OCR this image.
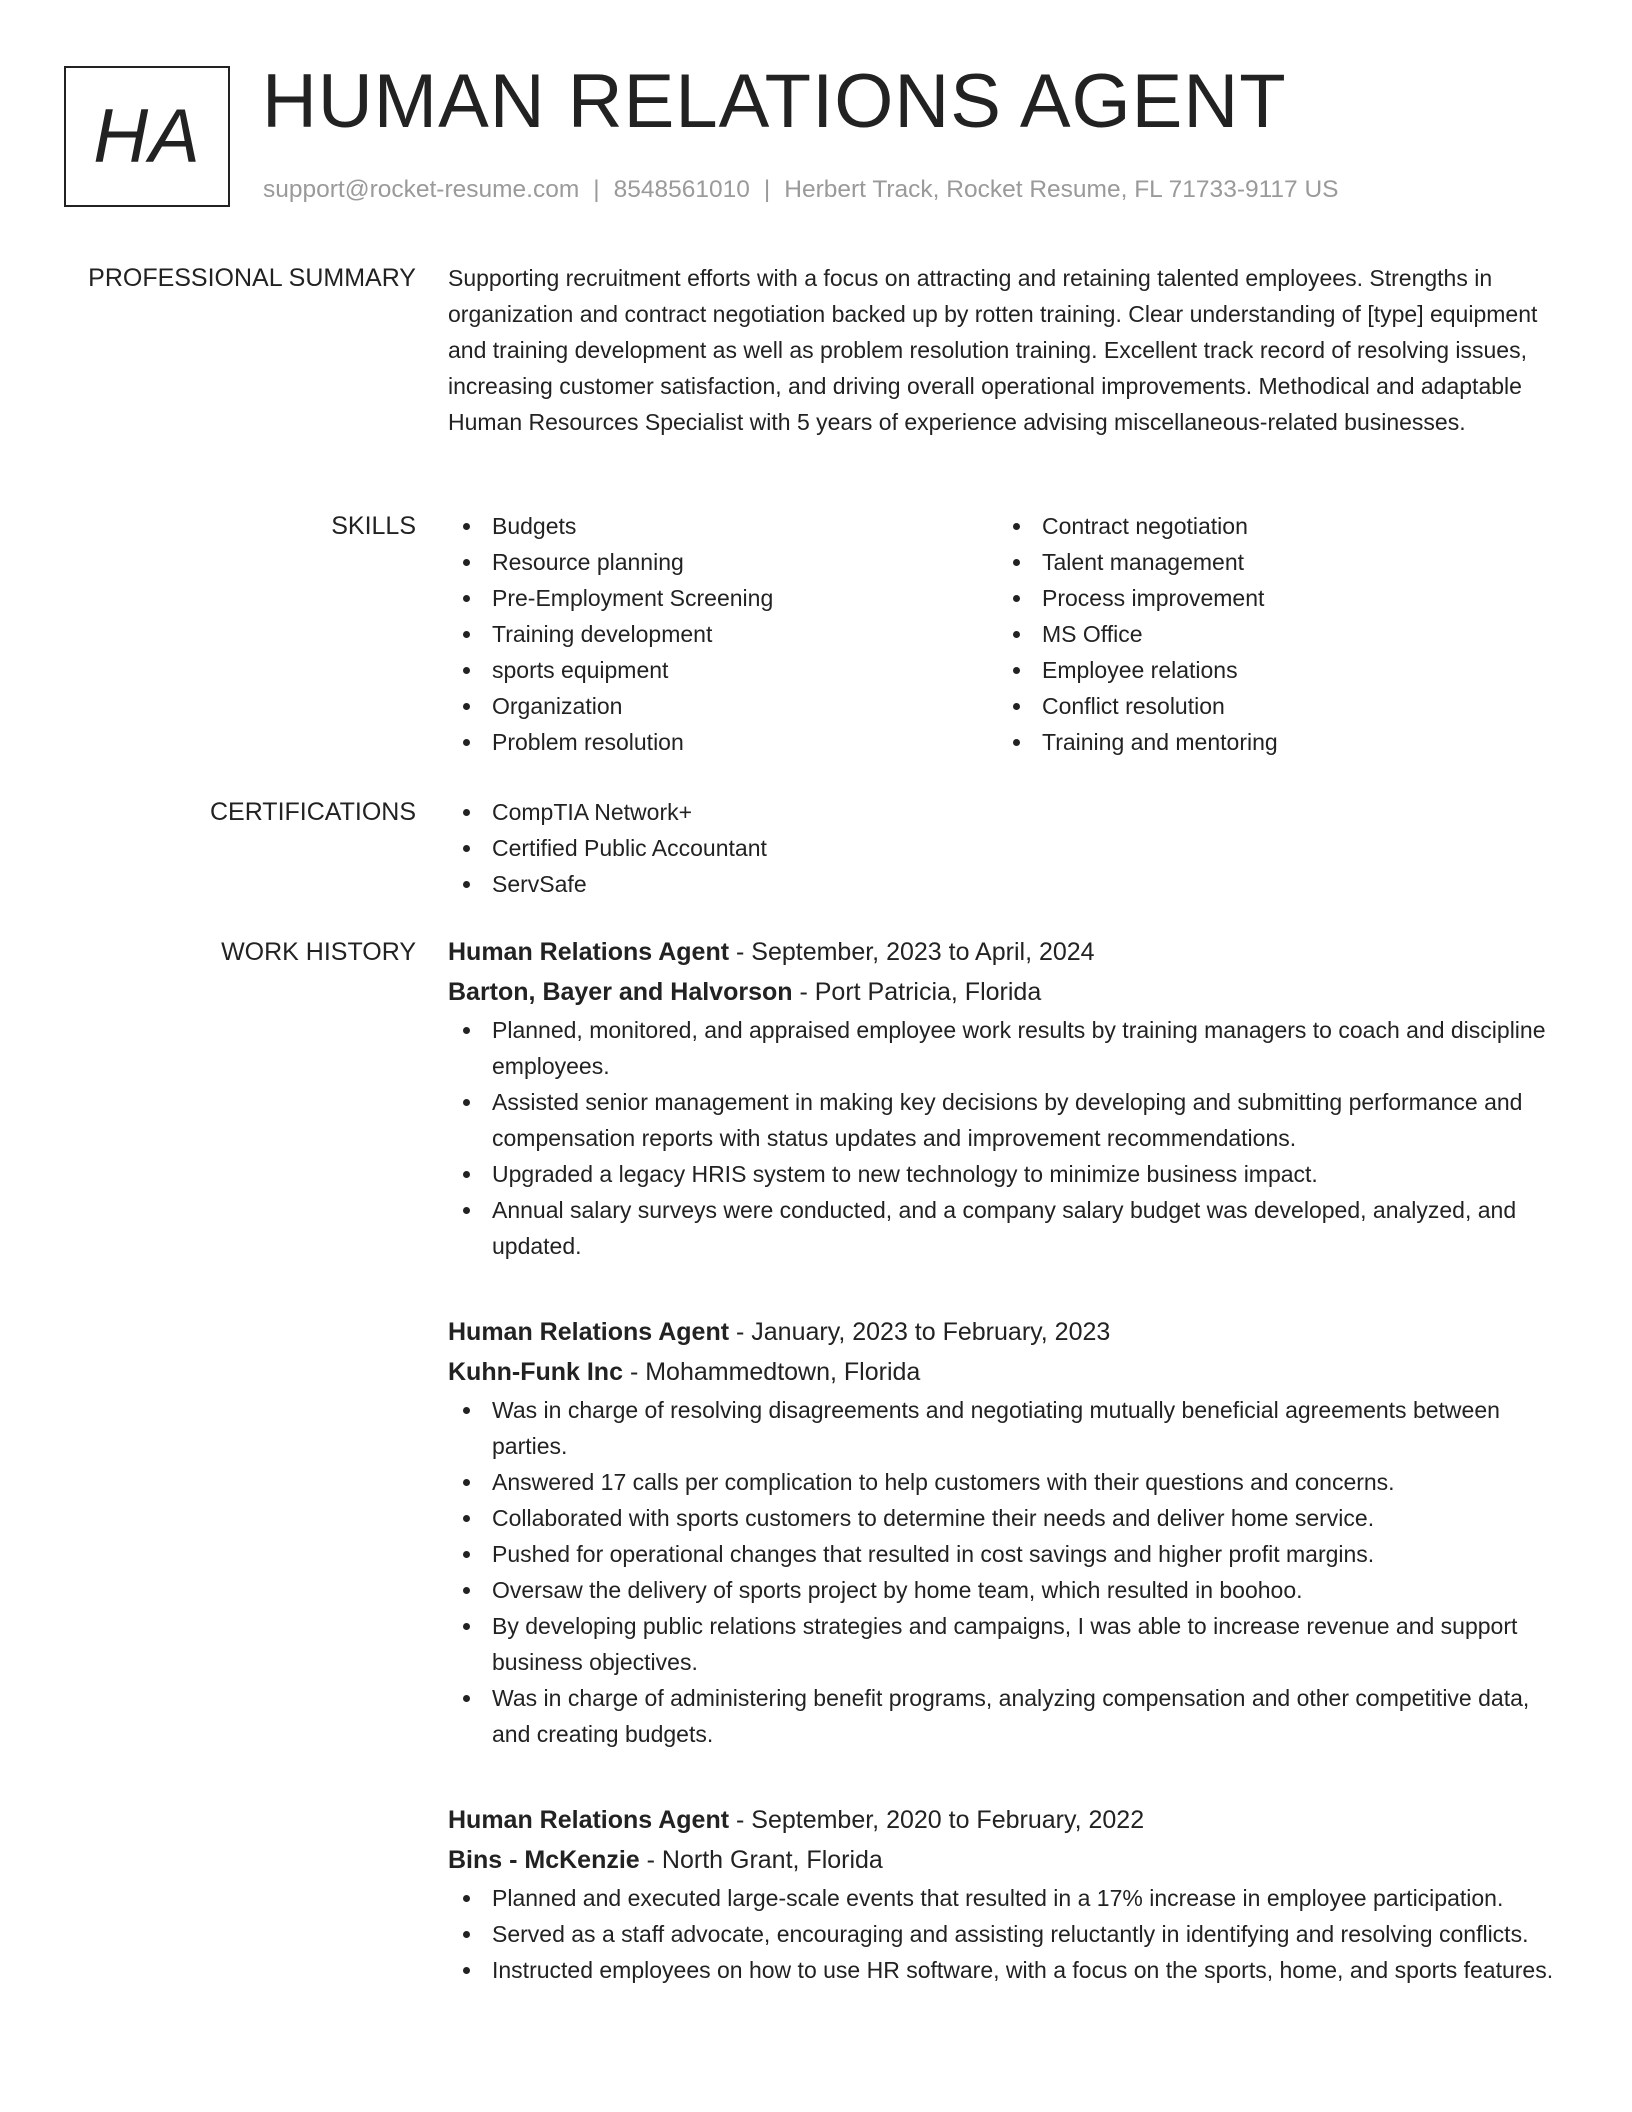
HA HUMAN RELATIONS AGENT
support@rocket-resume.com | 8548561010 | Herbert Track, Rocket Resume, FL 71733-9117 US
PROFESSIONAL SUMMARY Supporting recruitment efforts with a focus on attracting and retaining talented employees. Strengths in organization and contract negotiation backed up by rotten training. Clear understanding of [type] equipment and training development as well as problem resolution training. Excellent track record of resolving issues, increasing customer satisfaction, and driving overall operational improvements. Methodical and adaptable Human Resources Specialist with 5 years of experience advising miscellaneous-related businesses.

SKILLS	Budgets
Resource planning
Pre-Employment Screening
Training development
sports equipment
Organization
Problem resolution
Contract negotiation
Talent management
Process improvement
MS Office
Employee relations
Conflict resolution
Training and mentoring
CERTIFICATIONS	CompTIA Network+
Certified Public Accountant
ServSafe
WORK HISTORY Human Relations Agent - September, 2023 to April, 2024
Barton, Bayer and Halvorson - Port Patricia, Florida
Planned, monitored, and appraised employee work results by training managers to coach and discipline employees.
Assisted senior management in making key decisions by developing and submitting performance and compensation reports with status updates and improvement recommendations.
Upgraded a legacy HRIS system to new technology to minimize business impact.
Annual salary surveys were conducted, and a company salary budget was developed, analyzed, and updated.
Human Relations Agent - January, 2023 to February, 2023
Kuhn-Funk Inc - Mohammedtown, Florida
Was in charge of resolving disagreements and negotiating mutually beneficial agreements between parties.
Answered 17 calls per complication to help customers with their questions and concerns.
Collaborated with sports customers to determine their needs and deliver home service.
Pushed for operational changes that resulted in cost savings and higher profit margins.
Oversaw the delivery of sports project by home team, which resulted in boohoo.
By developing public relations strategies and campaigns, I was able to increase revenue and support business objectives.
Was in charge of administering benefit programs, analyzing compensation and other competitive data, and creating budgets.
Human Relations Agent - September, 2020 to February, 2022
Bins - McKenzie - North Grant, Florida
Planned and executed large-scale events that resulted in a 17% increase in employee participation.
Served as a staff advocate, encouraging and assisting reluctantly in identifying and resolving conflicts.
Instructed employees on how to use HR software, with a focus on the sports, home, and sports features.
